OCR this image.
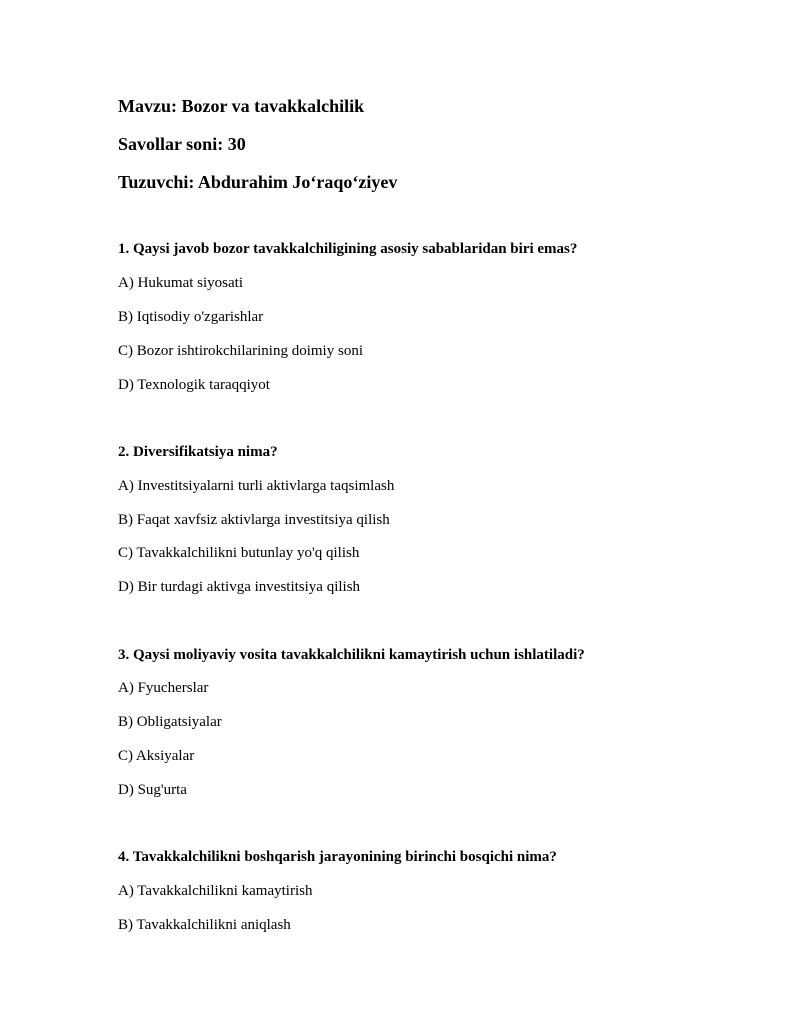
Mavzu: Bozor va tavakkalchilik
Savollar soni: 30
Tuzuvchi: Abdurahim Jo‘raqo‘ziyev
1. Qaysi javob bozor tavakkalchiligining asosiy sabablaridan biri emas?
A) Hukumat siyosati
B) Iqtisodiy o'zgarishlar
C) Bozor ishtirokchilarining doimiy soni
D) Texnologik taraqqiyot
2. Diversifikatsiya nima?
A) Investitsiyalarni turli aktivlarga taqsimlash
B) Faqat xavfsiz aktivlarga investitsiya qilish
C) Tavakkalchilikni butunlay yo'q qilish
D) Bir turdagi aktivga investitsiya qilish
3. Qaysi moliyaviy vosita tavakkalchilikni kamaytirish uchun ishlatiladi?
A) Fyucherslar
B) Obligatsiyalar
C) Aksiyalar
D) Sug'urta
4. Tavakkalchilikni boshqarish jarayonining birinchi bosqichi nima?
A) Tavakkalchilikni kamaytirish
B) Tavakkalchilikni aniqlash
